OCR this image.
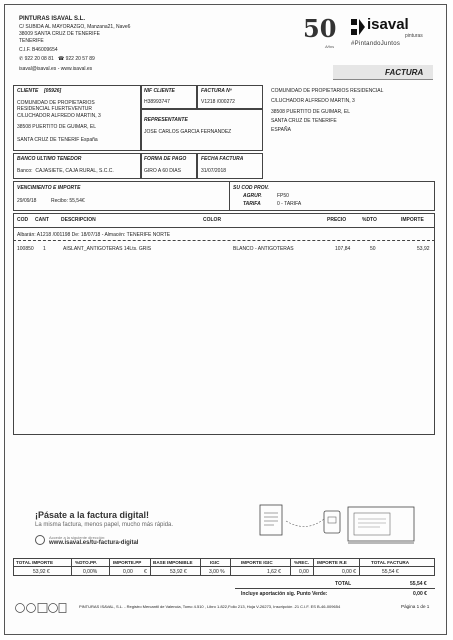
PINTURAS ISAVAL S.L.
C/ SUBIDA AL MAYORAZGO, Manzana21, Nave6
38009 SANTA CRUZ DE TENERIFE
TENERIFE
C.I.F. B46009654
✆ 922 20 08 81 ☎ 922 20 57 89
isaval@isaval.es - www.isaval.es
50
Años
isaval
pinturas
#PintandoJuntos
FACTURA
CLIENTE [05926]
COMUNIDAD DE PROPIETARIOS
RESIDENCIAL FUERTEVENTUR
C/LUCHADOR ALFREDO MARTIN, 3
38508 PUERTITO DE GUIMAR, EL
SANTA CRUZ DE TENERIF España
NIF CLIENTE
H38993747
FACTURA Nº
V1218 /000272
REPRESENTANTE
JOSE CARLOS GARCIA FERNANDEZ
COMUNIDAD DE PROPIETARIOS RESIDENCIAL
C/LUCHADOR ALFREDO MARTIN, 3
38508 PUERTITO DE GUIMAR, EL
SANTA CRUZ DE TENERIFE
ESPAÑA
BANCO ULTIMO TENEDOR
Banco: CAJASIETE, CAJA RURAL, S.C.C.
FORMA DE PAGO
GIRO A 60 DIAS
FECHA FACTURA
31/07/2018
VENCIMIENTO E IMPORTE
29/09/18	Recibo: 55,54€
SU COD PROV.
AGRUP.	FP50
TARIFA	0 - TARIFA
COD CANT DESCRIPCION	COLOR	PRECIO	%DTO	IMPORTE
Albarán: A1218 /001198 De: 18/07/18 - Almacén: TENERIFE NORTE
100850 1	AISLANT_ANTIGOTERAS 14Lts. GRIS	BLANCO - ANTIGOTERAS	107,84	50	53,92
¡Pásate a la factura digital!
La misma factura, menos papel, mucho más rápida.
Accede a la siguiente dirección:
www.isaval.es/tu-factura-digital
TOTAL IMPORTE	%DTO.PP.	IMPORTE.PP	BASE IMPONIBLE	IGIC	IMPORTE IGIC	%REC. IMPORTE R.E	TOTAL FACTURA
53,92 €	0,00%	0,00 €	53,92 €	3,00 %	1,62 €	0,00	0,00 €	55,54 €
TOTAL	55,54 €
Incluye aportación sig. Punto Verde:	0,00 €
PINTURAS ISAVAL, S.L. - Registro Mercantil de Valencia, Tomo 4.510 , Libro 1.822,Folio 213, Hoja V-26273, Inscripción .21 C.I.F. ES B-46-009654	Página 1 de 1
